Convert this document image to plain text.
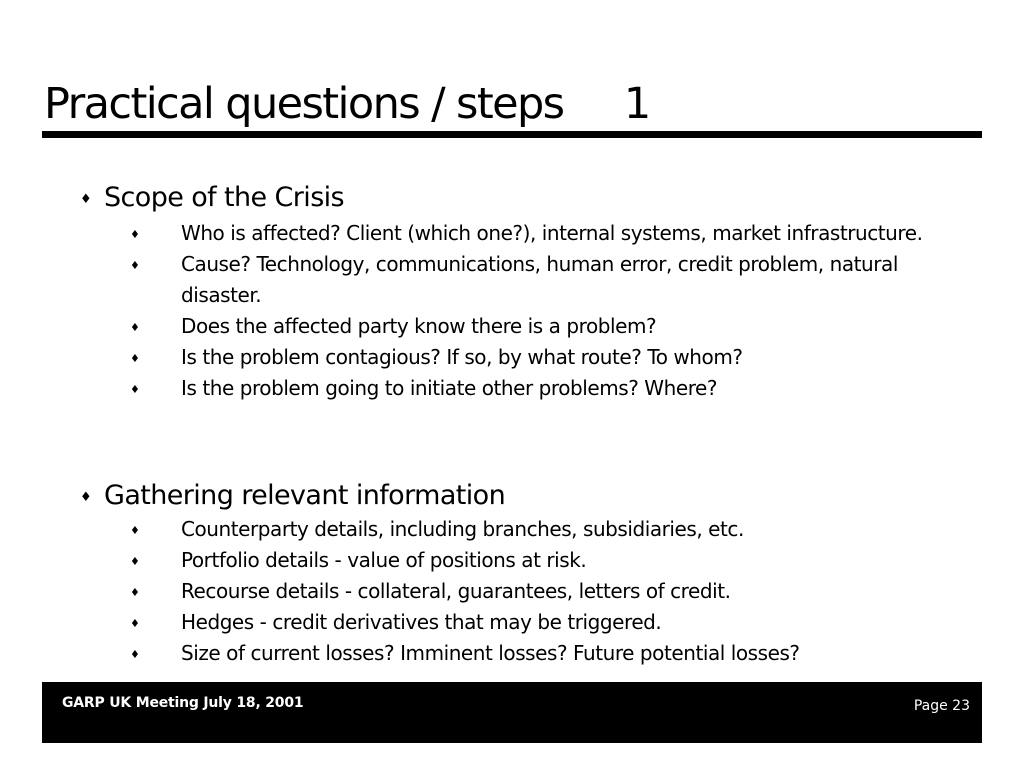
Practical questions / steps     1
♦ Scope of the Crisis
♦ Who is affected? Client (which one?), internal systems, market infrastructure.
♦ Cause? Technology, communications, human error, credit problem, natural disaster.
♦ Does the affected party know there is a problem?
♦ Is the problem contagious? If so, by what route? To whom?
♦ Is the problem going to initiate other problems? Where?
♦ Gathering relevant information
♦ Counterparty details, including branches, subsidiaries, etc.
♦ Portfolio details - value of positions at risk.
♦ Recourse details - collateral, guarantees, letters of credit.
♦ Hedges - credit derivatives that may be triggered.
♦ Size of current losses? Imminent losses? Future potential losses?
GARP UK Meeting July 18, 2001	Page 23
